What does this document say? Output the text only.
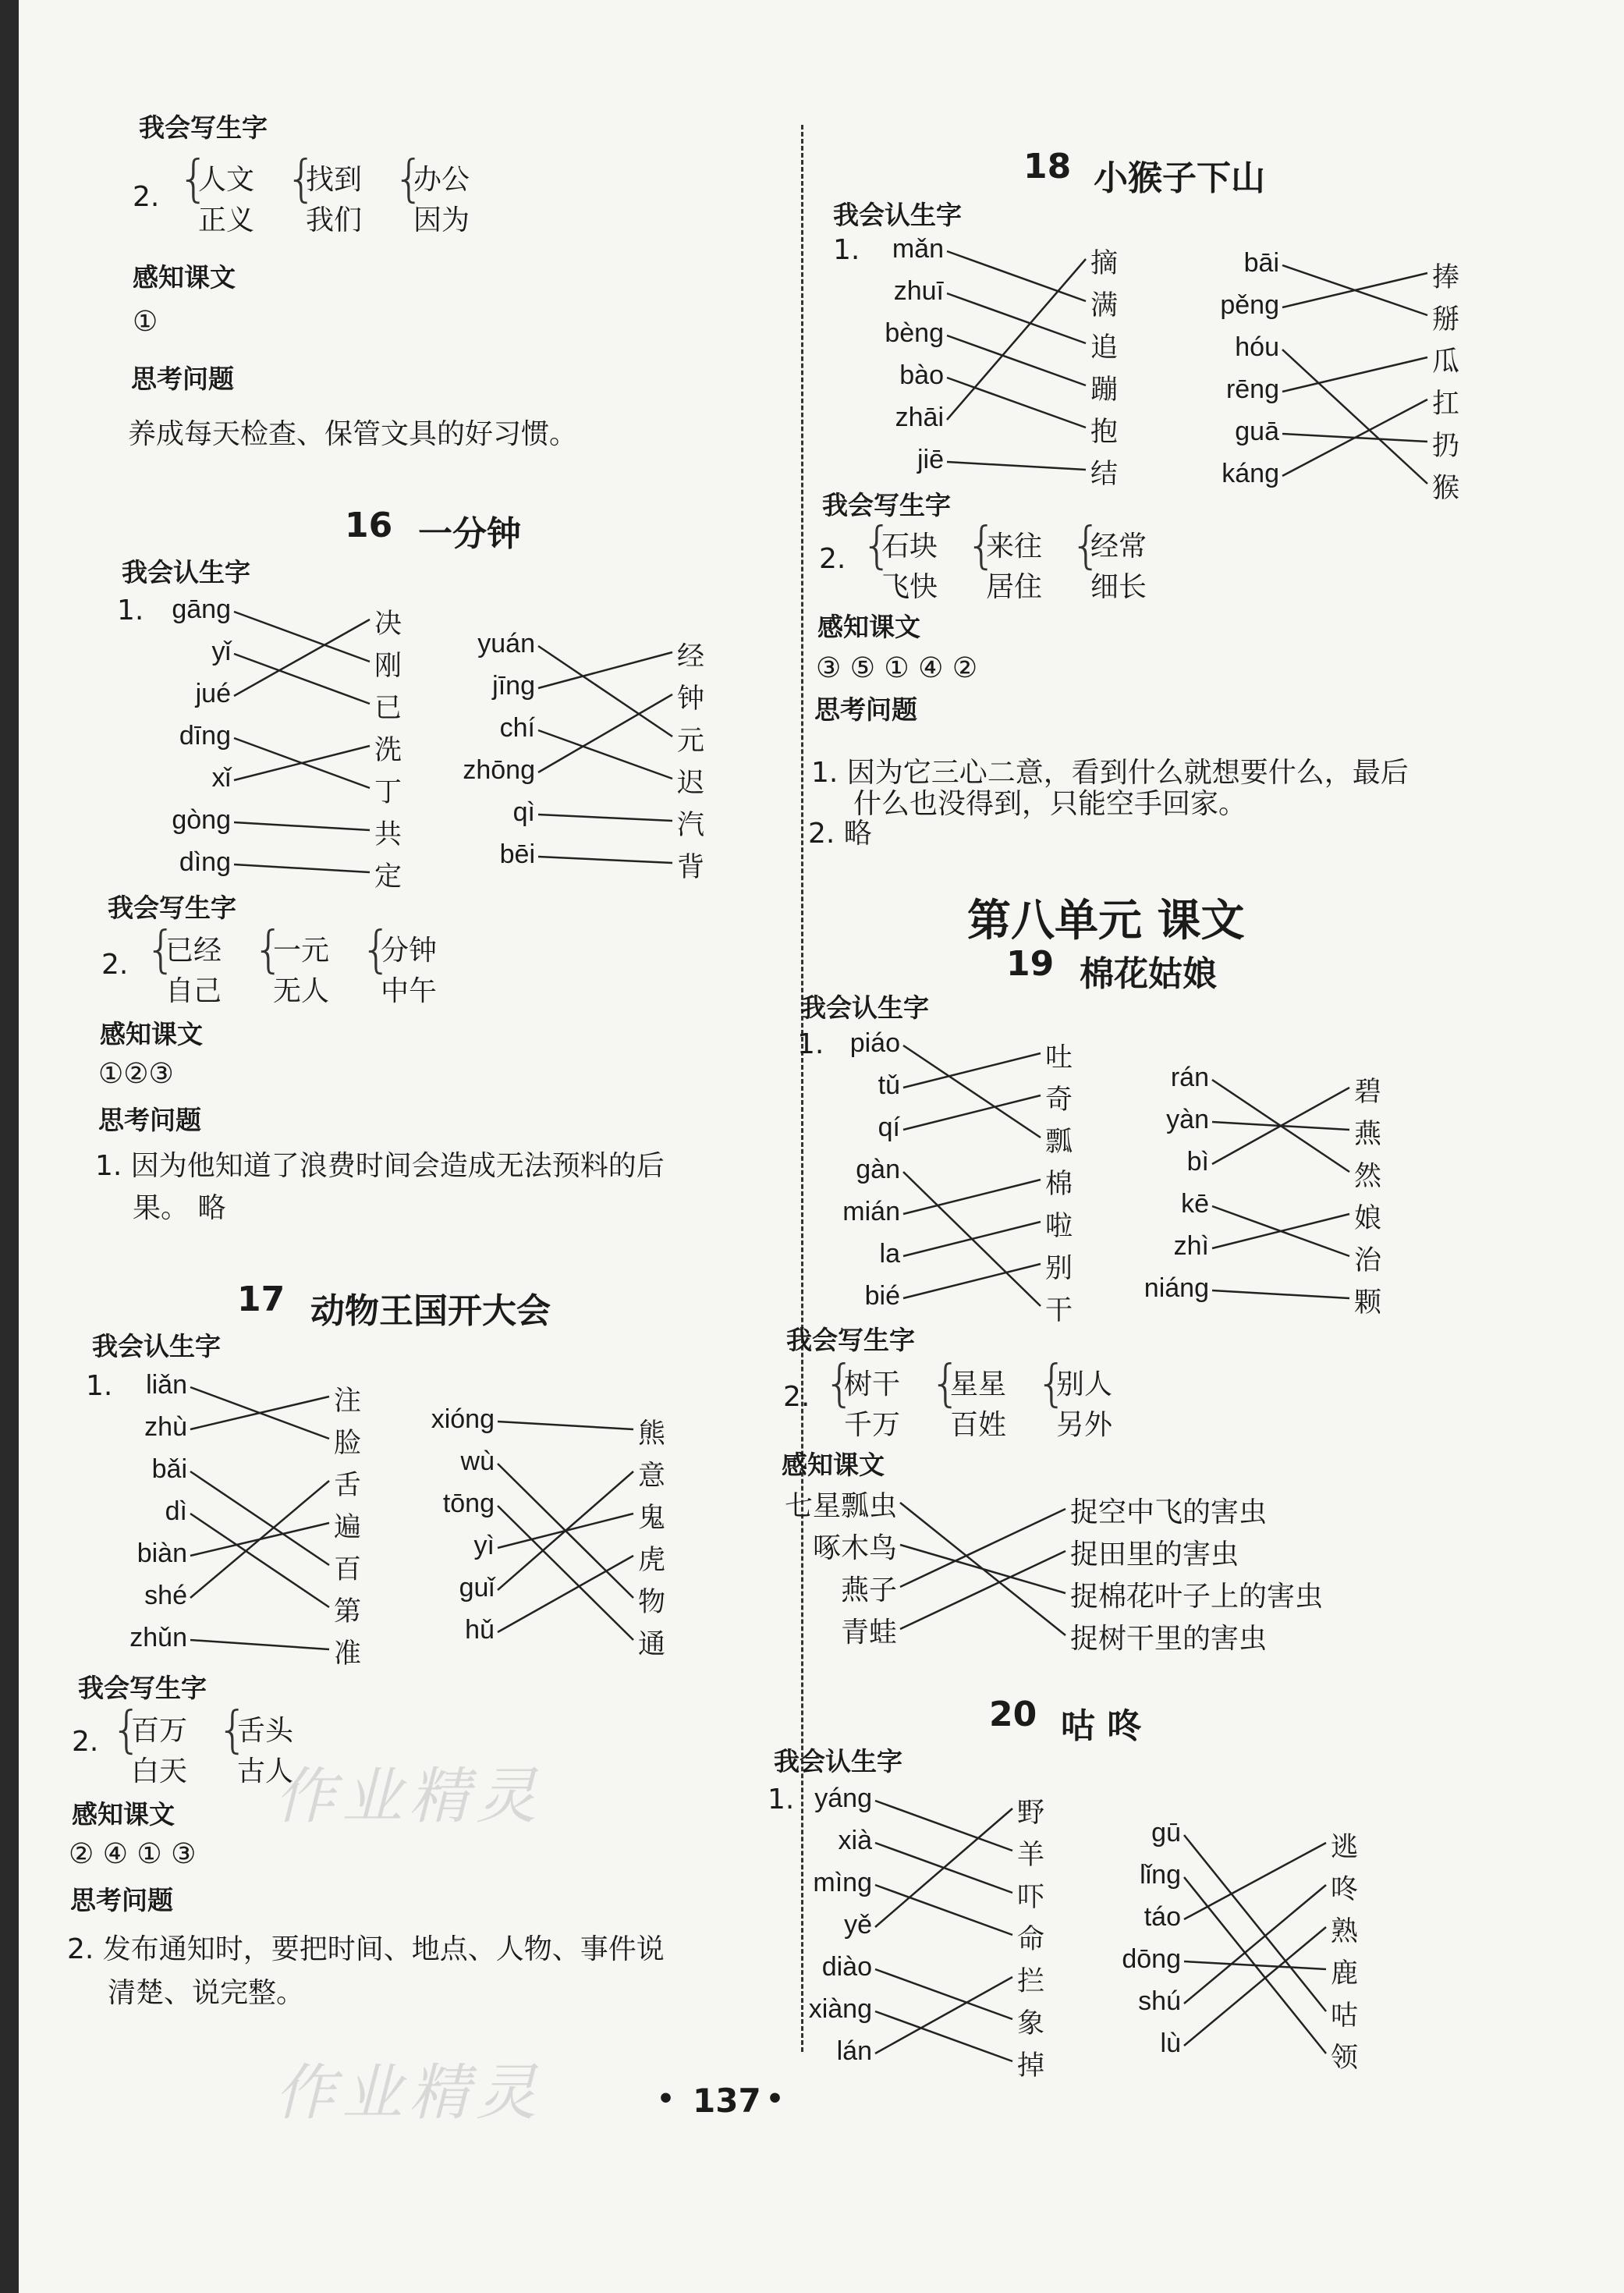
我会写生字
2. {
人文
正义
{
找到
我们
{
办公
因为
感知课文
①
思考问题
养成每天检查、保管文具的好习惯。
16 一分钟
我会认生字
1.	gāng
yǐ
jué
dīng
xǐ
gòng
dìng
决
刚
已
洗
丁
共
定
yuán
jīng
chí
zhōng
qì
bēi
经
钟
元
迟
汽
背
我会写生字
2. {
已经
自己
{
一元
无人
{
分钟
中午
感知课文
①②③
思考问题
1. 因为他知道了浪费时间会造成无法预料的后
果。 略
17 动物王国开大会
我会认生字
1.	liǎn
zhù
bǎi
dì
biàn
shé
zhǔn
注
脸
舌
遍
百
第
准
xióng
wù
tōng
yì
guǐ
hǔ
熊
意
鬼
虎
物
通
我会写生字
2. {
百万
白天
{
舌头
古人
感知课文
② ④ ① ③
思考问题
2. 发布通知时，要把时间、地点、人物、事件说
清楚、说完整。
作业精灵
作业精灵
18 小猴子下山
我会认生字
1.	mǎn
zhuī
bèng
bào
zhāi
jiē
摘
满
追
蹦
抱
结
bāi
pěng
hóu
rēng
guā
káng
捧
掰
瓜
扛
扔
猴
我会写生字
2. {
石块
飞快
{
来往
居住
{
经常
细长
感知课文
③ ⑤ ① ④ ②
思考问题
1. 因为它三心二意，看到什么就想要什么，最后
什么也没得到，只能空手回家。
2. 略
第八单元 课文
19 棉花姑娘
我会认生字
1. piáo
tǔ
qí
gàn
mián
la
bié
吐
奇
瓢
棉
啦
别
干
rán
yàn
bì
kē
zhì
niáng
碧
燕
然
娘
治
颗
我会写生字
2. {
树干
千万
{
星星
百姓
{
别人
另外
感知课文
七星瓢虫
啄木鸟
燕子
青蛙
捉空中飞的害虫
捉田里的害虫
捉棉花叶子上的害虫
捉树干里的害虫
20 咕 咚
我会认生字
1. yáng
xià
mìng
yě
diào
xiàng
lán
野
羊
吓
命
拦
象
掉
gū
lǐng
táo
dōng
shú
lù
逃
咚
熟
鹿
咕
领
• 137 •
